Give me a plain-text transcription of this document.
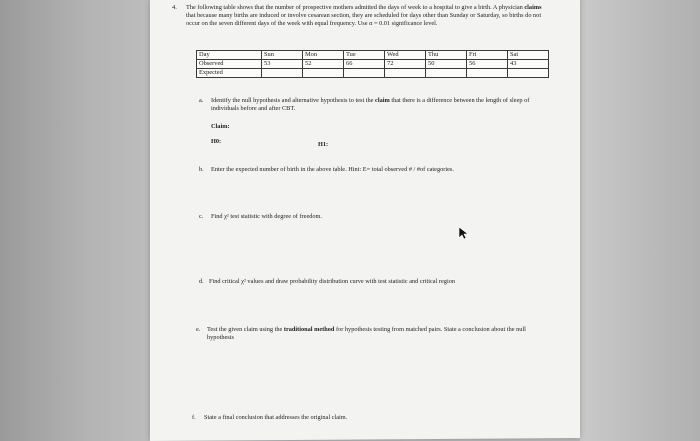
4. The following table shows that the number of prospective mothers admitted the days of week to a hospital to give a birth. A physician claims that because many births are induced or involve cesarean section, they are scheduled for days other than Sunday or Saturday, so births do not occur on the seven different days of the week with equal frequency. Use α = 0.01 significance level.
Day	Sun	Mon	Tue	Wed	Thu	Fri	Sat
Observed	53	52	66	72	50	56	43
Expected							
a. Identify the null hypothesis and alternative hypothesis to test the claim that there is a difference between the length of sleep of individuals before and after CBT.
Claim:
H0:	H1:
b. Enter the expected number of birth in the above table. Hint: E= total observed # / #of categories.
c. Find χ² test statistic with degree of freedom.
d. Find critical χ² values and draw probability distribution curve with test statistic and critical region
e. Test the given claim using the traditional method for hypothesis testing from matched pairs. State a conclusion about the null hypothesis
f. State a final conclusion that addresses the original claim.
